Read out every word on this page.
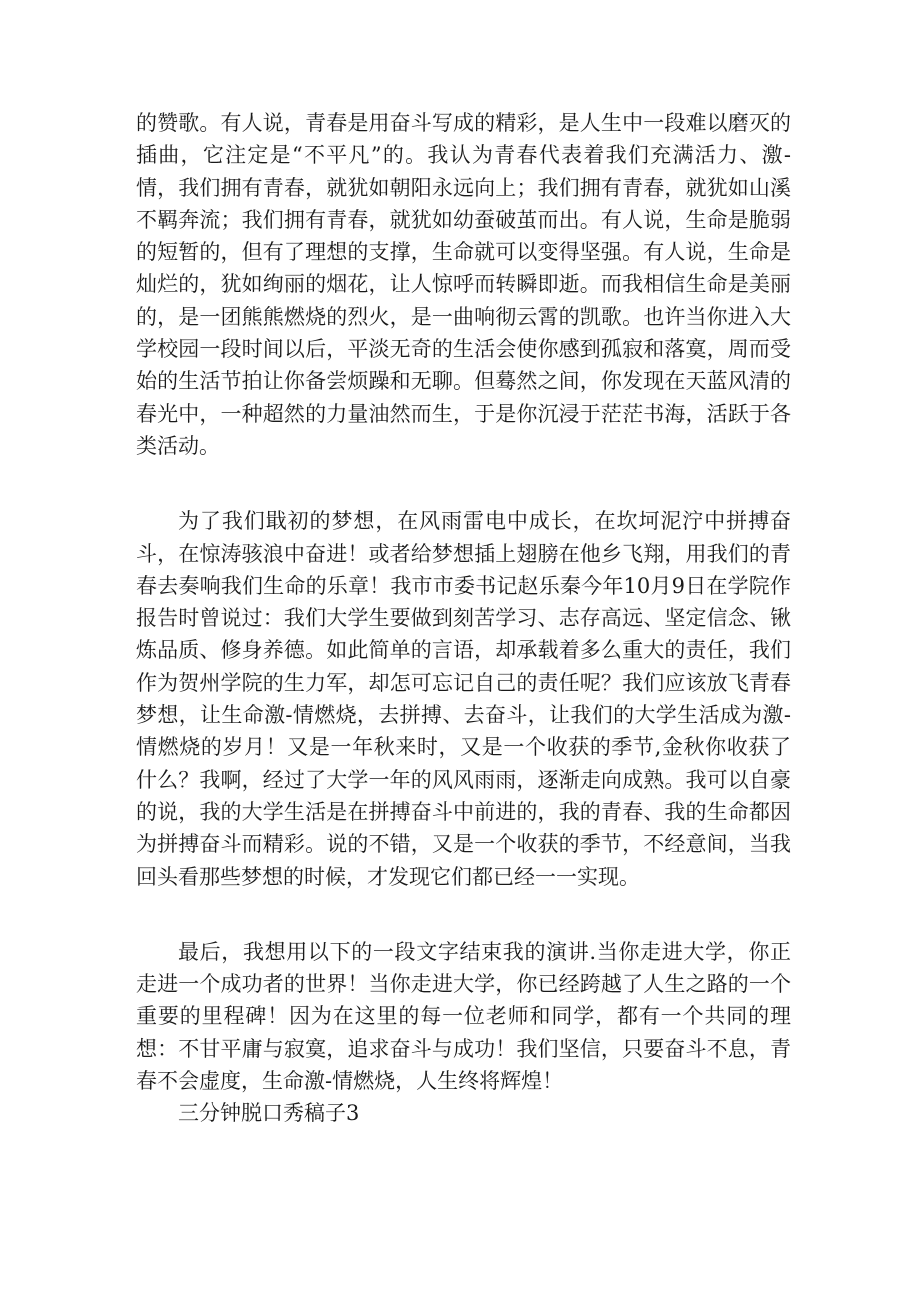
的赞歌。有人说，青春是用奋斗写成的精彩，是人生中一段难以磨灭的插曲，它注定是“不平凡”的。我认为青春代表着我们充满活力、激-情，我们拥有青春，就犹如朝阳永远向上；我们拥有青春，就犹如山溪不羁奔流；我们拥有青春，就犹如幼蚕破茧而出。有人说，生命是脆弱的短暂的，但有了理想的支撑，生命就可以变得坚强。有人说，生命是灿烂的，犹如绚丽的烟花，让人惊呼而转瞬即逝。而我相信生命是美丽的，是一团熊熊燃烧的烈火，是一曲响彻云霄的凯歌。也许当你进入大学校园一段时间以后，平淡无奇的生活会使你感到孤寂和落寞，周而受始的生活节拍让你备尝烦躁和无聊。但蓦然之间，你发现在天蓝风清的春光中，一种超然的力量油然而生，于是你沉浸于茫茫书海，活跃于各类活动。

为了我们戢初的梦想，在风雨雷电中成长，在坎坷泥泞中拼搏奋斗，在惊涛骇浪中奋进！或者给梦想插上翅膀在他乡飞翔，用我们的青春去奏响我们生命的乐章！我市市委书记赵乐秦今年10月9日在学院作报告时曾说过：我们大学生要做到刻苦学习、志存高远、坚定信念、锹炼品质、修身养德。如此简单的言语，却承载着多么重大的责任，我们作为贺州学院的生力军，却怎可忘记自己的责任呢？我们应该放飞青春梦想，让生命激-情燃烧，去拼搏、去奋斗，让我们的大学生活成为激-情燃烧的岁月！又是一年秋来时，又是一个收获的季节,金秋你收获了什么？我啊，经过了大学一年的风风雨雨，逐渐走向成熟。我可以自豪的说，我的大学生活是在拼搏奋斗中前进的，我的青春、我的生命都因为拼搏奋斗而精彩。说的不错，又是一个收获的季节，不经意间，当我回头看那些梦想的时候，才发现它们都已经一一实现。

最后，我想用以下的一段文字结束我的演讲.当你走进大学，你正走进一个成功者的世界！当你走进大学，你已经跨越了人生之路的一个重要的里程碑！因为在这里的每一位老师和同学，都有一个共同的理想：不甘平庸与寂寞，追求奋斗与成功！我们坚信，只要奋斗不息，青春不会虚度，生命激-情燃烧，人生终将辉煌！

三分钟脱口秀稿子3
